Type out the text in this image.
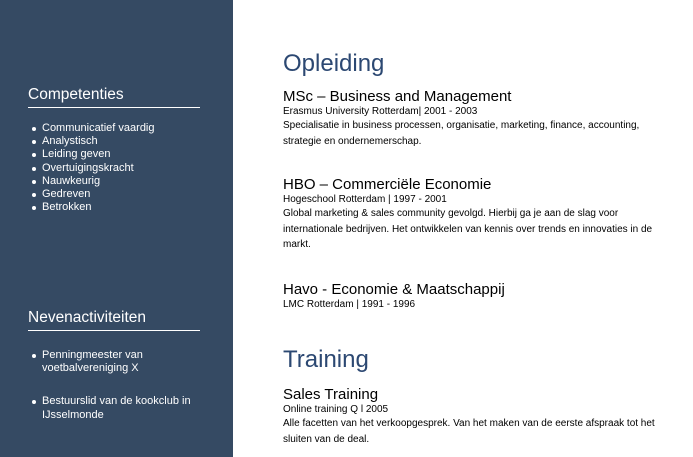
Competenties
Communicatief vaardig
Analystisch
Leiding geven
Overtuigingskracht
Nauwkeurig
Gedreven
Betrokken
Nevenactiviteiten
Penningmeester van voetbalvereniging X
Bestuurslid van de kookclub in IJsselmonde
Opleiding
MSc – Business and Management
Erasmus University Rotterdam| 2001 - 2003
Specialisatie in business processen, organisatie, marketing, finance, accounting, strategie en ondernemerschap.
HBO – Commerciële Economie
Hogeschool Rotterdam | 1997 - 2001
Global marketing & sales community gevolgd. Hierbij ga je aan de slag voor internationale bedrijven. Het ontwikkelen van kennis over trends en innovaties in de markt.
Havo - Economie & Maatschappij
LMC Rotterdam | 1991 - 1996
Training
Sales Training
Online training Q l 2005
Alle facetten van het verkoopgesprek. Van het maken van de eerste afspraak tot het sluiten van de deal.
